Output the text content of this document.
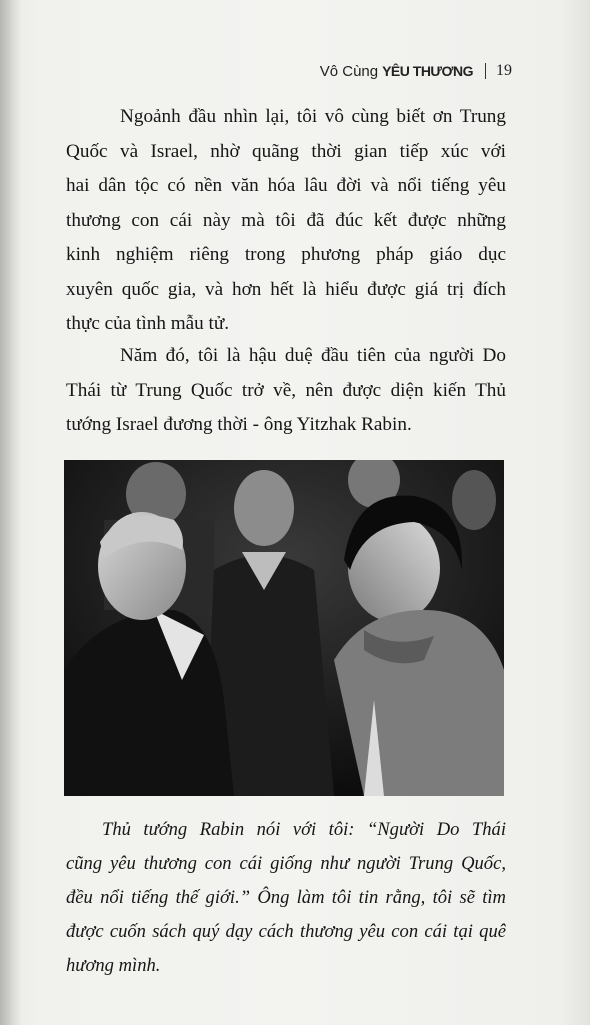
Vô Cùng YÊU THƯƠNG 19

Ngoảnh đầu nhìn lại, tôi vô cùng biết ơn Trung
Quốc và Israel, nhờ quãng thời gian tiếp xúc với
hai dân tộc có nền văn hóa lâu đời và nổi tiếng yêu
thương con cái này mà tôi đã đúc kết được những
kinh nghiệm riêng trong phương pháp giáo dục
xuyên quốc gia, và hơn hết là hiểu được giá trị đích
thực của tình mẫu tử.

Năm đó, tôi là hậu duệ đầu tiên của người Do
Thái từ Trung Quốc trở về, nên được diện kiến Thủ
tướng Israel đương thời - ông Yitzhak Rabin.

Thủ tướng Rabin nói với tôi: “Người Do Thái
cũng yêu thương con cái giống như người Trung Quốc,
đều nổi tiếng thế giới.” Ông làm tôi tin rằng, tôi sẽ tìm
được cuốn sách quý dạy cách thương yêu con cái tại quê
hương mình.
